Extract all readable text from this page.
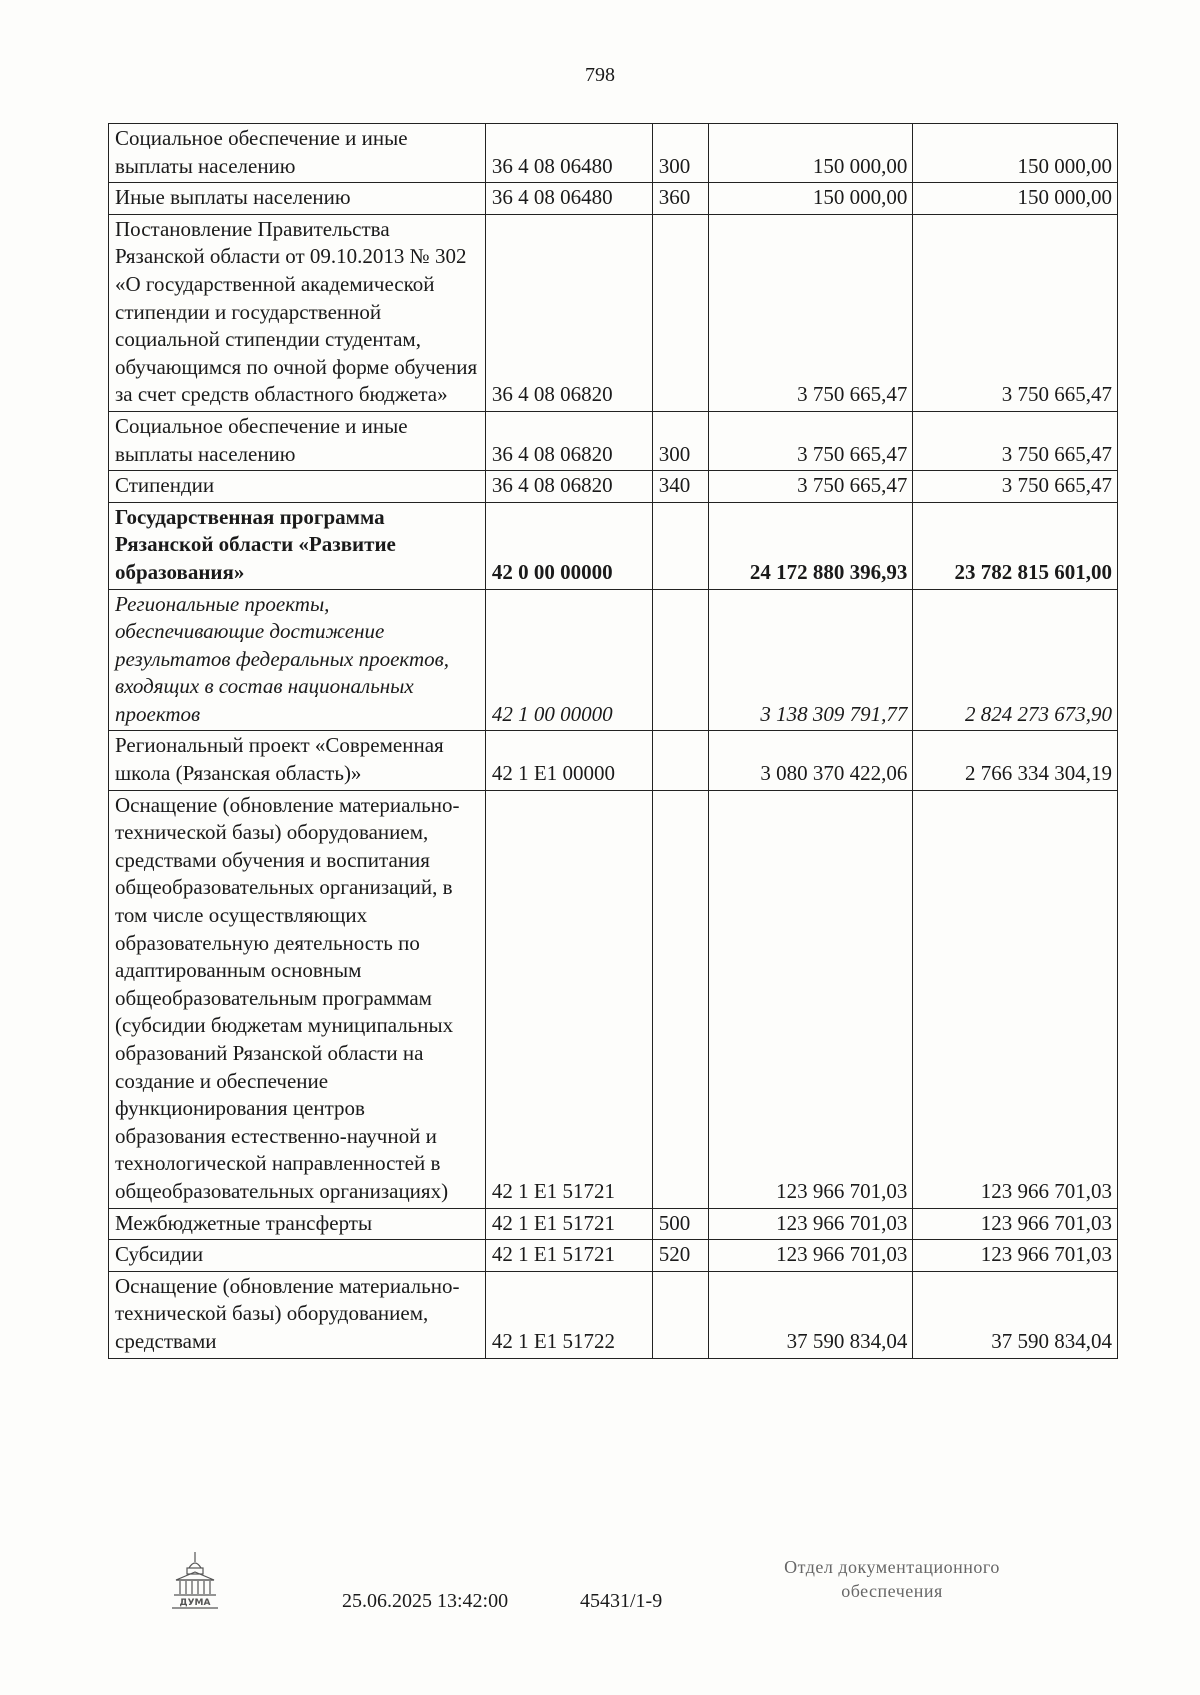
798
Социальное обеспечение и иные выплаты населению	36 4 08 06480	300	150 000,00	150 000,00
Иные выплаты населению	36 4 08 06480	360	150 000,00	150 000,00
Постановление Правительства Рязанской области от 09.10.2013 № 302 «О государственной академической стипендии и государственной социальной стипендии студентам, обучающимся по очной форме обучения за счет средств областного бюджета»	36 4 08 06820		3 750 665,47	3 750 665,47
Социальное обеспечение и иные выплаты населению	36 4 08 06820	300	3 750 665,47	3 750 665,47
Стипендии	36 4 08 06820	340	3 750 665,47	3 750 665,47
Государственная программа Рязанской области «Развитие образования»	42 0 00 00000		24 172 880 396,93	23 782 815 601,00
Региональные проекты, обеспечивающие достижение результатов федеральных проектов, входящих в состав национальных проектов	42 1 00 00000		3 138 309 791,77	2 824 273 673,90
Региональный проект «Современная школа (Рязанская область)»	42 1 E1 00000		3 080 370 422,06	2 766 334 304,19
Оснащение (обновление материально-технической базы) оборудованием, средствами обучения и воспитания общеобразовательных организаций, в том числе осуществляющих образовательную деятельность по адаптированным основным общеобразовательным программам (субсидии бюджетам муниципальных образований Рязанской области на создание и обеспечение функционирования центров образования естественно-научной и технологической направленностей в общеобразовательных организациях)	42 1 E1 51721		123 966 701,03	123 966 701,03
Межбюджетные трансферты	42 1 E1 51721	500	123 966 701,03	123 966 701,03
Субсидии	42 1 E1 51721	520	123 966 701,03	123 966 701,03
Оснащение (обновление материально-технической базы) оборудованием, средствами	42 1 E1 51722		37 590 834,04	37 590 834,04
ДУМА	25.06.2025 13:42:00	45431/1-9
Отдел документационного
обеспечения
